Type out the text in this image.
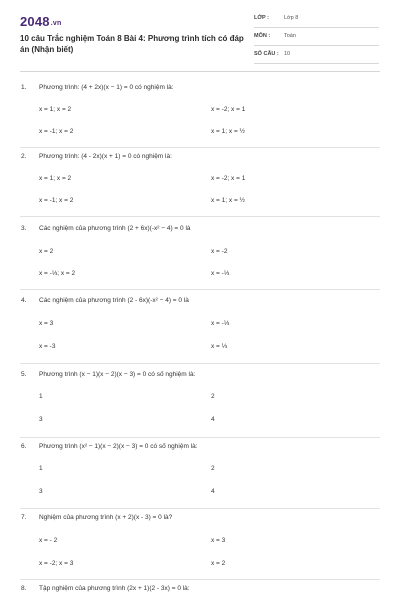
2048.vn
10 câu Trắc nghiệm Toán 8 Bài 4: Phương trình tích có đáp án (Nhận biết)
LỚP :	Lớp 8
MÔN :	Toán
SỐ CÂU : 10
1. Phương trình: (4 + 2x)(x − 1) = 0 có nghiệm là:
x = 1; x = 2	x = -2; x = 1
x = -1; x = 2	x = 1; x = ½
2. Phương trình: (4 - 2x)(x + 1) = 0 có nghiệm là:
x = 1; x = 2	x = -2; x = 1
x = -1; x = 2	x = 1; x = ½
3. Các nghiệm của phương trình (2 + 6x)(-x² − 4) = 0 là
x = 2	x = -2
x = -⅓; x = 2	x = -⅓
4. Các nghiệm của phương trình (2 - 6x)(-x² − 4) = 0 là
x = 3	x = -⅓
x = -3	x = ⅓
5. Phương trình (x − 1)(x − 2)(x − 3) = 0 có số nghiệm là:
1	2
3	4
6. Phương trình (x² − 1)(x − 2)(x − 3) = 0 có số nghiệm là:
1	2
3	4
7. Nghiệm của phương trình (x + 2)(x - 3) = 0 là?
x = - 2	x = 3
x = -2; x = 3	x = 2
8. Tập nghiệm của phương trình (2x + 1)(2 - 3x) = 0 là:
